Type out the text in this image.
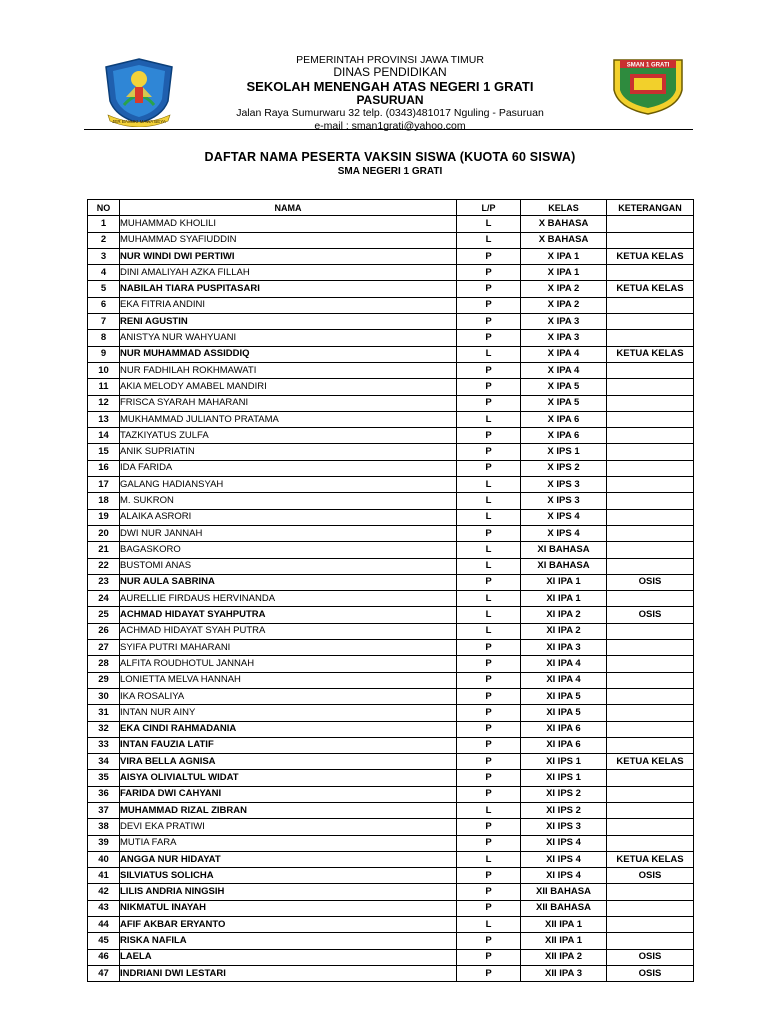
JER BASUKI MAWA BEYA
PEMERINTAH PROVINSI JAWA TIMUR
DINAS PENDIDIKAN
SEKOLAH MENENGAH ATAS NEGERI 1 GRATI
PASURUAN
Jalan Raya Sumurwaru 32 telp. (0343)481017 Nguling - Pasuruan
e-mail : sman1grati@yahoo.com
SMAN 1 GRATI
DAFTAR NAMA PESERTA VAKSIN SISWA (KUOTA 60 SISWA)
SMA NEGERI 1 GRATI
NO	NAMA	L/P	KELAS	KETERANGAN
1	MUHAMMAD KHOLILI	L	X BAHASA	
2	MUHAMMAD SYAFIUDDIN	L	X BAHASA	
3	NUR WINDI DWI PERTIWI	P	X IPA 1	KETUA KELAS
4	DINI AMALIYAH AZKA FILLAH	P	X IPA 1	
5	NABILAH TIARA PUSPITASARI	P	X IPA 2	KETUA KELAS
6	EKA FITRIA ANDINI	P	X IPA 2	
7	RENI AGUSTIN	P	X IPA 3	
8	ANISTYA NUR WAHYUANI	P	X IPA 3	
9	NUR MUHAMMAD ASSIDDIQ	L	X IPA 4	KETUA KELAS
10	NUR FADHILAH ROKHMAWATI	P	X IPA 4	
11	AKIA MELODY AMABEL MANDIRI	P	X IPA 5	
12	FRISCA SYARAH MAHARANI	P	X IPA 5	
13	MUKHAMMAD JULIANTO PRATAMA	L	X IPA 6	
14	TAZKIYATUS ZULFA	P	X IPA 6	
15	ANIK SUPRIATIN	P	X IPS 1	
16	IDA FARIDA	P	X IPS 2	
17	GALANG HADIANSYAH	L	X IPS 3	
18	M. SUKRON	L	X IPS 3	
19	ALAIKA ASRORI	L	X IPS 4	
20	DWI NUR JANNAH	P	X IPS 4	
21	BAGASKORO	L	XI BAHASA	
22	BUSTOMI ANAS	L	XI BAHASA	
23	NUR AULA SABRINA	P	XI IPA 1	OSIS
24	AURELLIE FIRDAUS HERVINANDA	L	XI IPA 1	
25	ACHMAD HIDAYAT SYAHPUTRA	L	XI IPA 2	OSIS
26	ACHMAD HIDAYAT SYAH PUTRA	L	XI IPA 2	
27	SYIFA PUTRI MAHARANI	P	XI IPA 3	
28	ALFITA ROUDHOTUL JANNAH	P	XI IPA 4	
29	LONIETTA MELVA HANNAH	P	XI IPA 4	
30	IKA ROSALIYA	P	XI IPA 5	
31	INTAN NUR AINY	P	XI IPA 5	
32	EKA CINDI RAHMADANIA	P	XI IPA 6	
33	INTAN FAUZIA LATIF	P	XI IPA 6	
34	VIRA BELLA AGNISA	P	XI IPS 1	KETUA KELAS
35	AISYA OLIVIALTUL WIDAT	P	XI IPS 1	
36	FARIDA DWI CAHYANI	P	XI IPS 2	
37	MUHAMMAD RIZAL ZIBRAN	L	XI IPS 2	
38	DEVI EKA PRATIWI	P	XI IPS 3	
39	MUTIA FARA	P	XI IPS 4	
40	ANGGA NUR HIDAYAT	L	XI IPS 4	KETUA KELAS
41	SILVIATUS SOLICHA	P	XI IPS 4	OSIS
42	LILIS ANDRIA NINGSIH	P	XII BAHASA	
43	NIKMATUL INAYAH	P	XII BAHASA	
44	AFIF AKBAR ERYANTO	L	XII IPA 1	
45	RISKA NAFILA	P	XII IPA 1	
46	LAELA	P	XII IPA 2	OSIS
47	INDRIANI DWI LESTARI	P	XII IPA 3	OSIS
